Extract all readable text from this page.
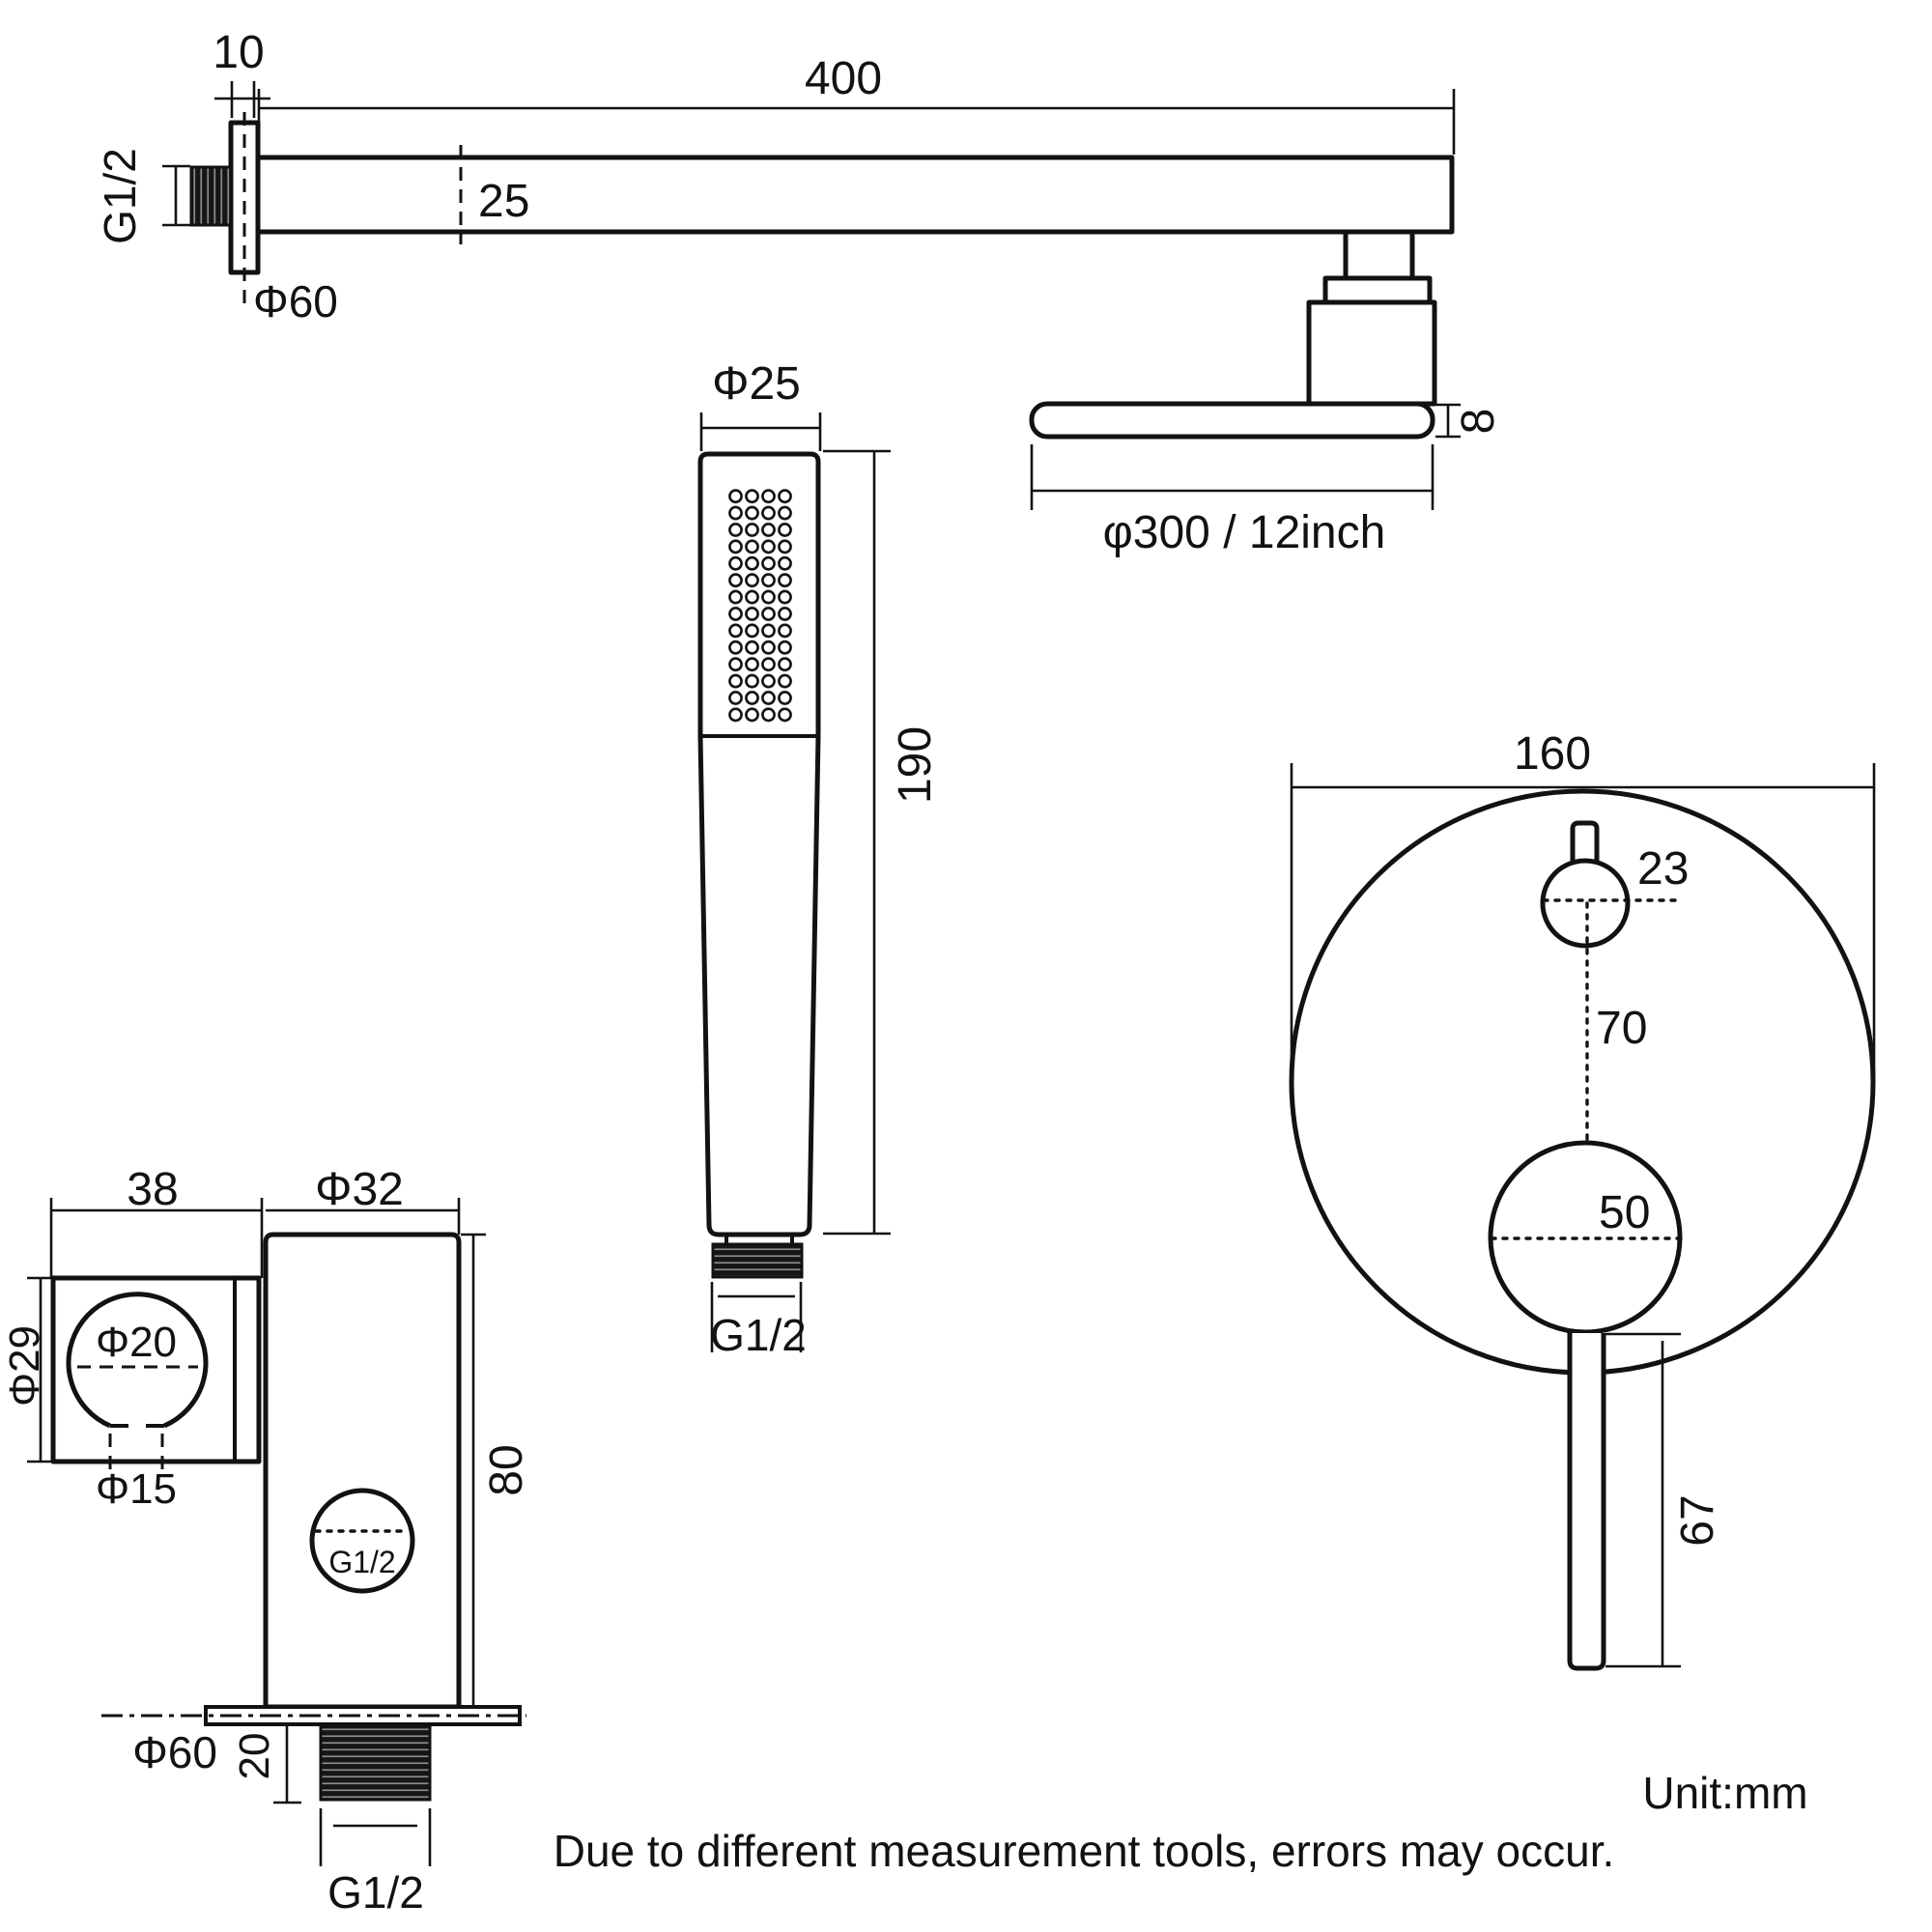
10
400
Φ60
G1/2	25
8
φ300 / 12inch
Φ25
190
G1/2
160
23
70
50
67
38	Φ32
Φ20
Φ15
Φ29
G1/2
80
Φ60 20
G1/2
Unit:mm
Due to different measurement tools, errors may occur.
